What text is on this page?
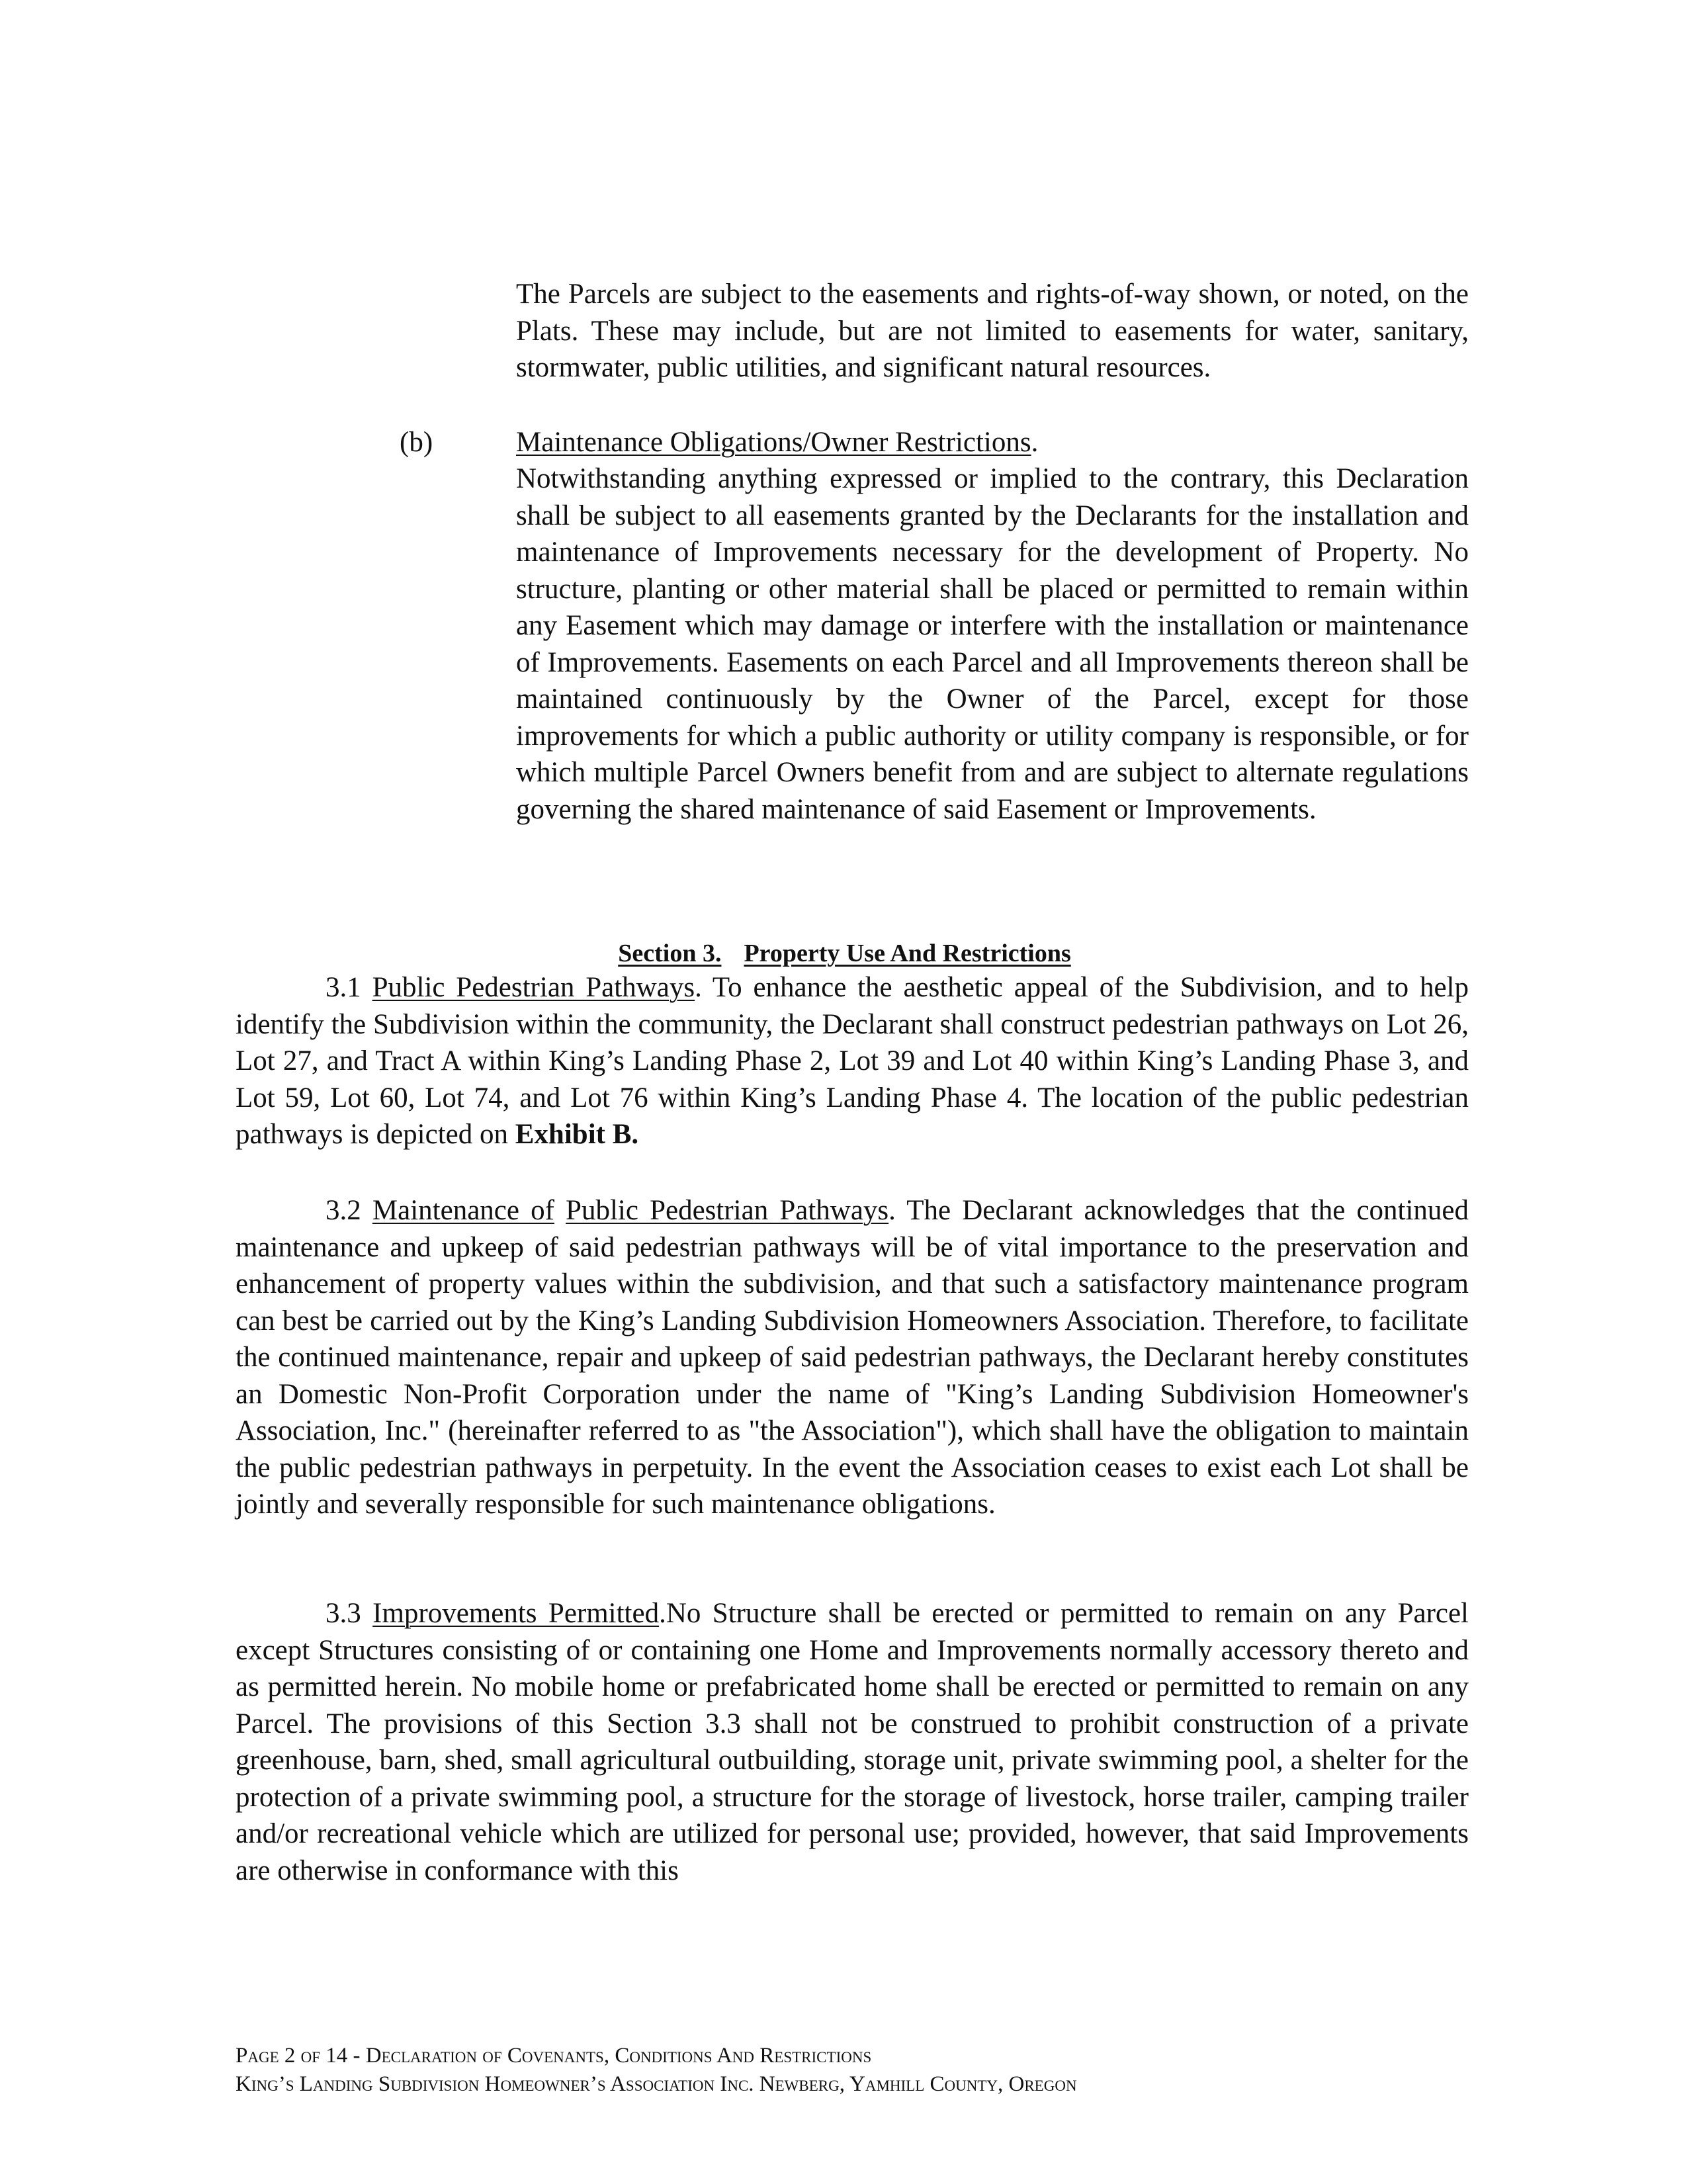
The Parcels are subject to the easements and rights-of-way shown, or noted, on the Plats. These may include, but are not limited to easements for water, sanitary, stormwater, public utilities, and significant natural resources.
(b)	Maintenance Obligations/Owner Restrictions.
Notwithstanding anything expressed or implied to the contrary, this Declaration shall be subject to all easements granted by the Declarants for the installation and maintenance of Improvements necessary for the development of Property. No structure, planting or other material shall be placed or permitted to remain within any Easement which may damage or interfere with the installation or maintenance of Improvements. Easements on each Parcel and all Improvements thereon shall be maintained continuously by the Owner of the Parcel, except for those improvements for which a public authority or utility company is responsible, or for which multiple Parcel Owners benefit from and are subject to alternate regulations governing the shared maintenance of said Easement or Improvements.
Section 3. Property Use And Restrictions
3.1 Public Pedestrian Pathways. To enhance the aesthetic appeal of the Subdivision, and to help identify the Subdivision within the community, the Declarant shall construct pedestrian pathways on Lot 26, Lot 27, and Tract A within King’s Landing Phase 2, Lot 39 and Lot 40 within King’s Landing Phase 3, and Lot 59, Lot 60, Lot 74, and Lot 76 within King’s Landing Phase 4. The location of the public pedestrian pathways is depicted on Exhibit B.
3.2 Maintenance of Public Pedestrian Pathways. The Declarant acknowledges that the continued maintenance and upkeep of said pedestrian pathways will be of vital importance to the preservation and enhancement of property values within the subdivision, and that such a satisfactory maintenance program can best be carried out by the King’s Landing Subdivision Homeowners Association. Therefore, to facilitate the continued maintenance, repair and upkeep of said pedestrian pathways, the Declarant hereby constitutes an Domestic Non-Profit Corporation under the name of "King’s Landing Subdivision Homeowner's Association, Inc." (hereinafter referred to as "the Association"), which shall have the obligation to maintain the public pedestrian pathways in perpetuity. In the event the Association ceases to exist each Lot shall be jointly and severally responsible for such maintenance obligations.
3.3 Improvements Permitted.No Structure shall be erected or permitted to remain on any Parcel except Structures consisting of or containing one Home and Improvements normally accessory thereto and as permitted herein. No mobile home or prefabricated home shall be erected or permitted to remain on any Parcel. The provisions of this Section 3.3 shall not be construed to prohibit construction of a private greenhouse, barn, shed, small agricultural outbuilding, storage unit, private swimming pool, a shelter for the protection of a private swimming pool, a structure for the storage of livestock, horse trailer, camping trailer and/or recreational vehicle which are utilized for personal use; provided, however, that said Improvements are otherwise in conformance with this
Page 2 of 14 - Declaration of Covenants, Conditions And Restrictions
King’s Landing Subdivision Homeowner’s Association Inc. Newberg, Yamhill County, Oregon
